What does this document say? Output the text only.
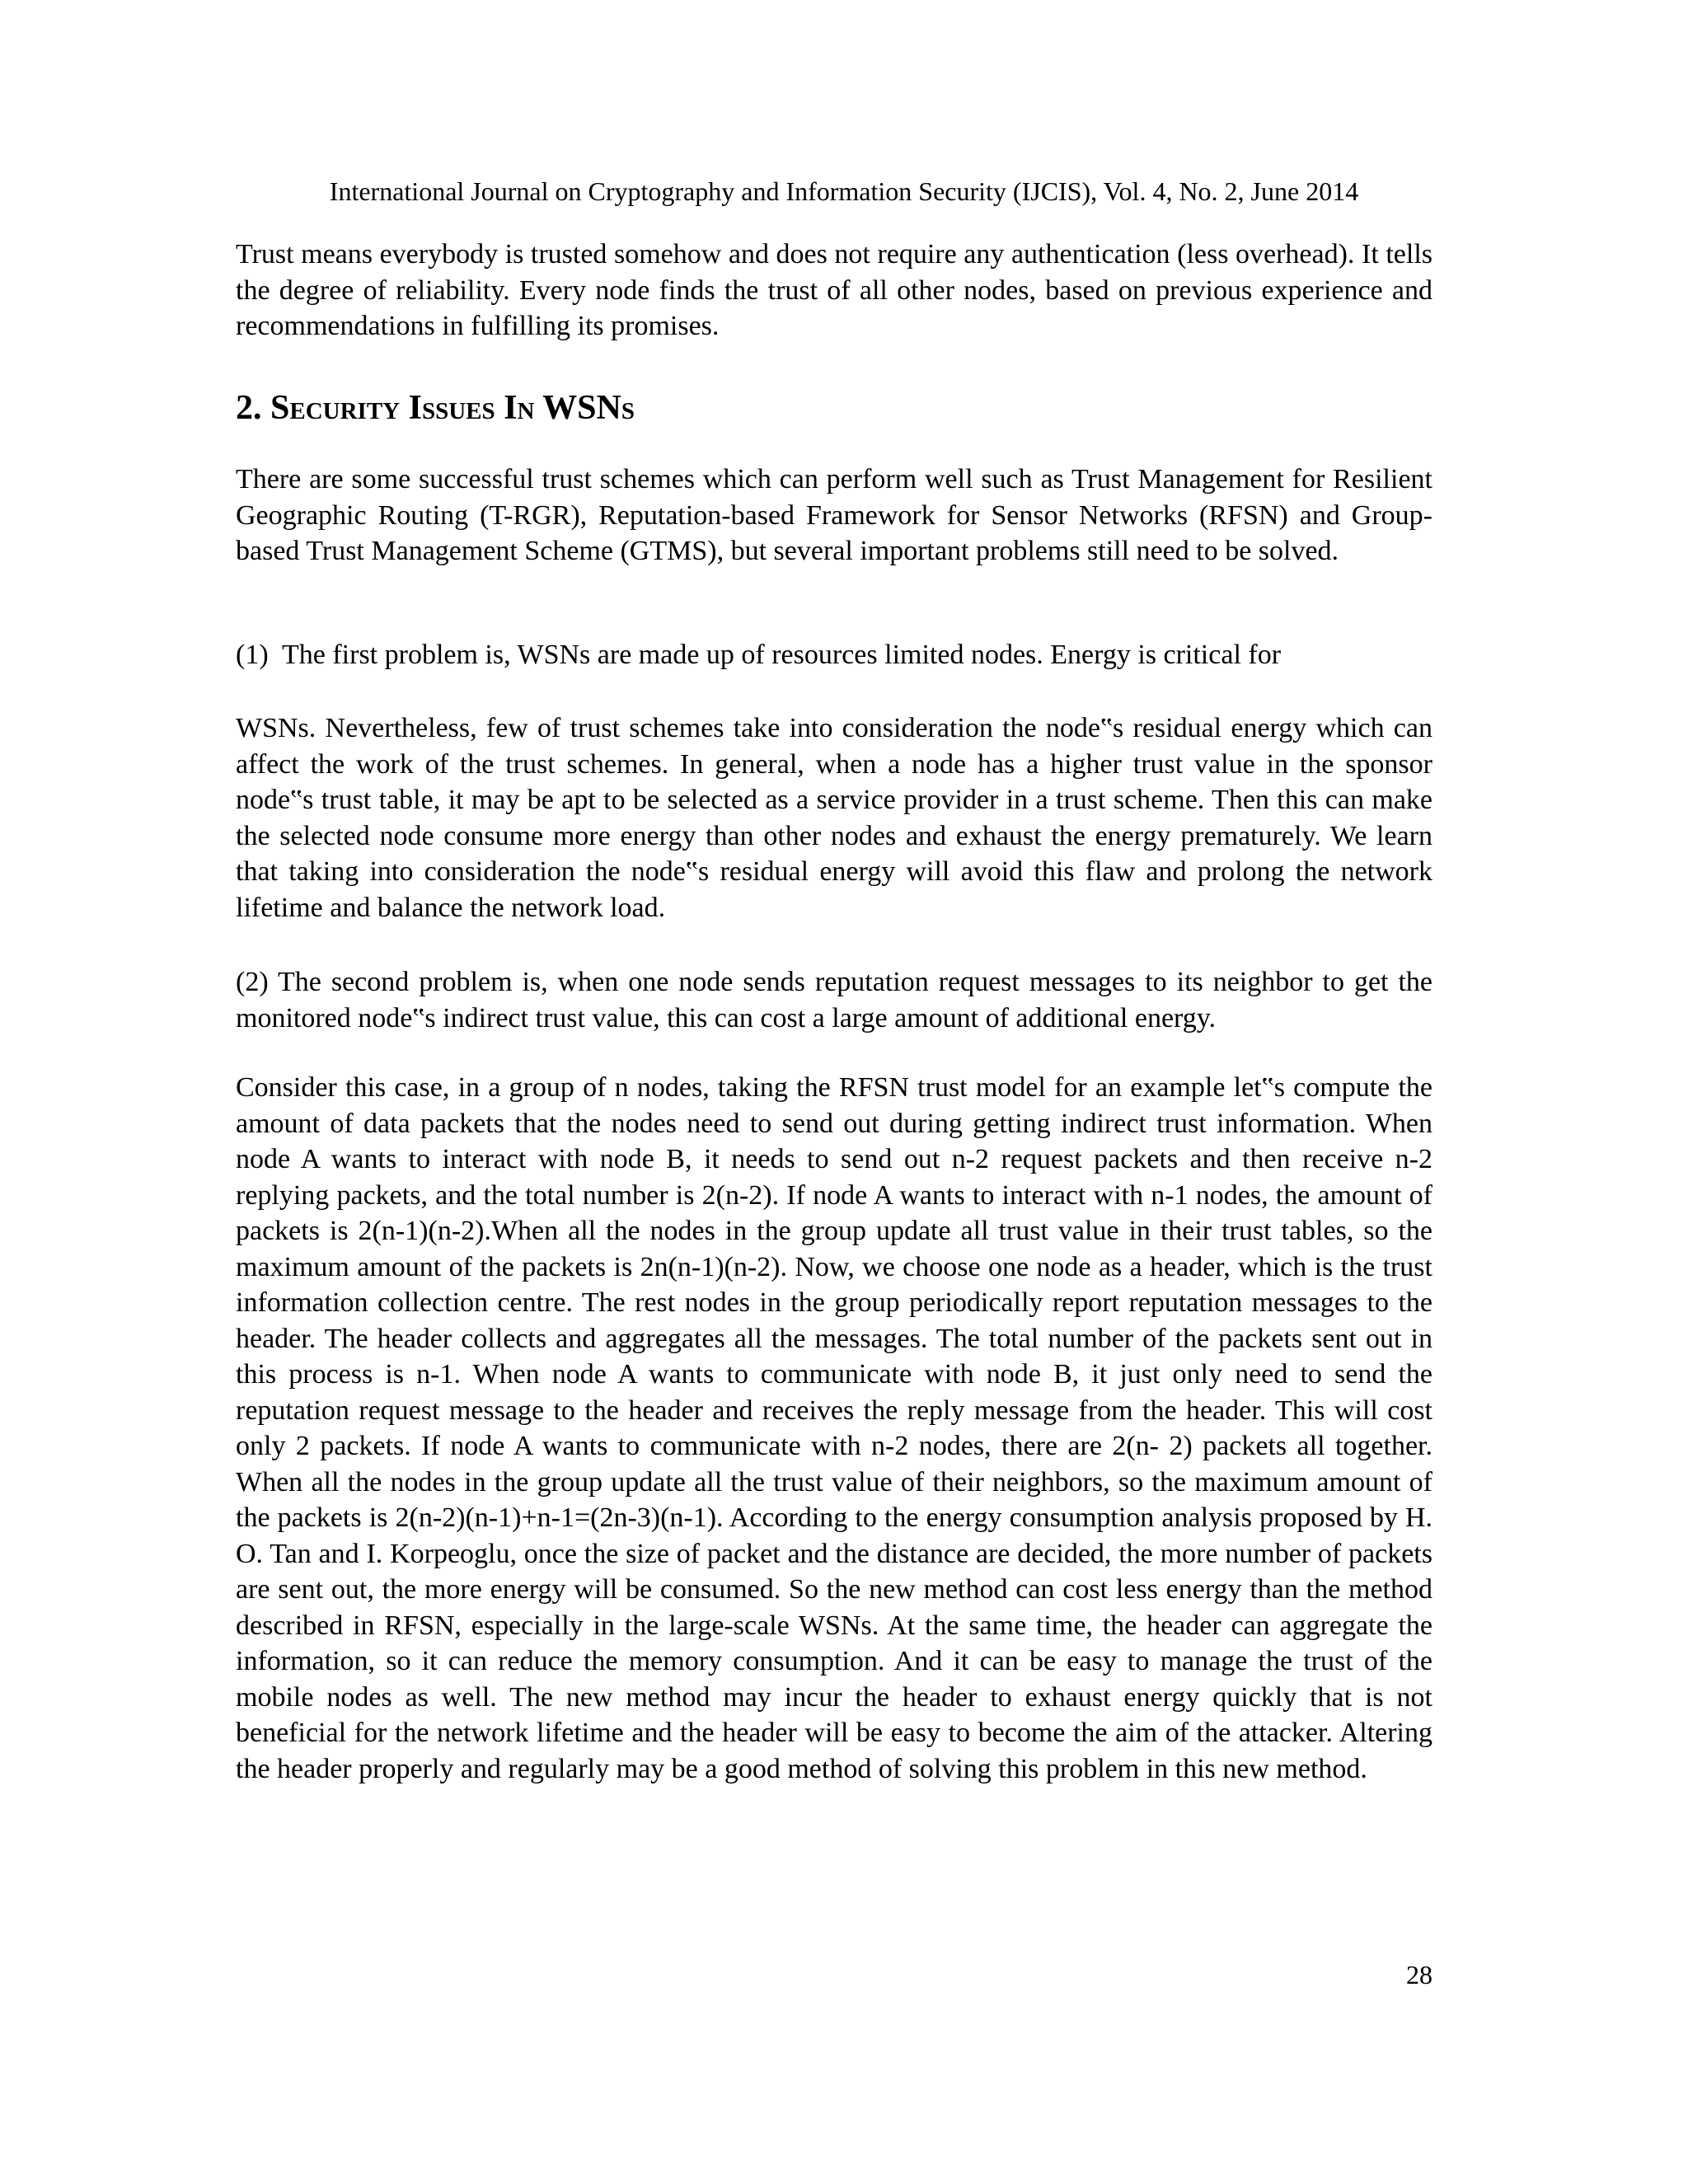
International Journal on Cryptography and Information Security (IJCIS), Vol. 4, No. 2, June 2014

Trust means everybody is trusted somehow and does not require any authentication (less overhead). It tells the degree of reliability. Every node finds the trust of all other nodes, based on previous experience and recommendations in fulfilling its promises.

2. Security Issues In WSNs

There are some successful trust schemes which can perform well such as Trust Management for Resilient Geographic Routing (T-RGR), Reputation-based Framework for Sensor Networks (RFSN) and Group-based Trust Management Scheme (GTMS), but several important problems still need to be solved.

(1) The first problem is, WSNs are made up of resources limited nodes. Energy is critical for

WSNs. Nevertheless, few of trust schemes take into consideration the node‟s residual energy which can affect the work of the trust schemes. In general, when a node has a higher trust value in the sponsor node‟s trust table, it may be apt to be selected as a service provider in a trust scheme. Then this can make the selected node consume more energy than other nodes and exhaust the energy prematurely. We learn that taking into consideration the node‟s residual energy will avoid this flaw and prolong the network lifetime and balance the network load.

(2) The second problem is, when one node sends reputation request messages to its neighbor to get the monitored node‟s indirect trust value, this can cost a large amount of additional energy.

Consider this case, in a group of n nodes, taking the RFSN trust model for an example let‟s compute the amount of data packets that the nodes need to send out during getting indirect trust information. When node A wants to interact with node B, it needs to send out n-2 request packets and then receive n-2 replying packets, and the total number is 2(n-2). If node A wants to interact with n-1 nodes, the amount of packets is 2(n-1)(n-2).When all the nodes in the group update all trust value in their trust tables, so the maximum amount of the packets is 2n(n-1)(n-2). Now, we choose one node as a header, which is the trust information collection centre. The rest nodes in the group periodically report reputation messages to the header. The header collects and aggregates all the messages. The total number of the packets sent out in this process is n-1. When node A wants to communicate with node B, it just only need to send the reputation request message to the header and receives the reply message from the header. This will cost only 2 packets. If node A wants to communicate with n-2 nodes, there are 2(n- 2) packets all together. When all the nodes in the group update all the trust value of their neighbors, so the maximum amount of the packets is 2(n-2)(n-1)+n-1=(2n-3)(n-1). According to the energy consumption analysis proposed by H. O. Tan and I. Korpeoglu, once the size of packet and the distance are decided, the more number of packets are sent out, the more energy will be consumed. So the new method can cost less energy than the method described in RFSN, especially in the large-scale WSNs. At the same time, the header can aggregate the information, so it can reduce the memory consumption. And it can be easy to manage the trust of the mobile nodes as well. The new method may incur the header to exhaust energy quickly that is not beneficial for the network lifetime and the header will be easy to become the aim of the attacker. Altering the header properly and regularly may be a good method of solving this problem in this new method.

28
